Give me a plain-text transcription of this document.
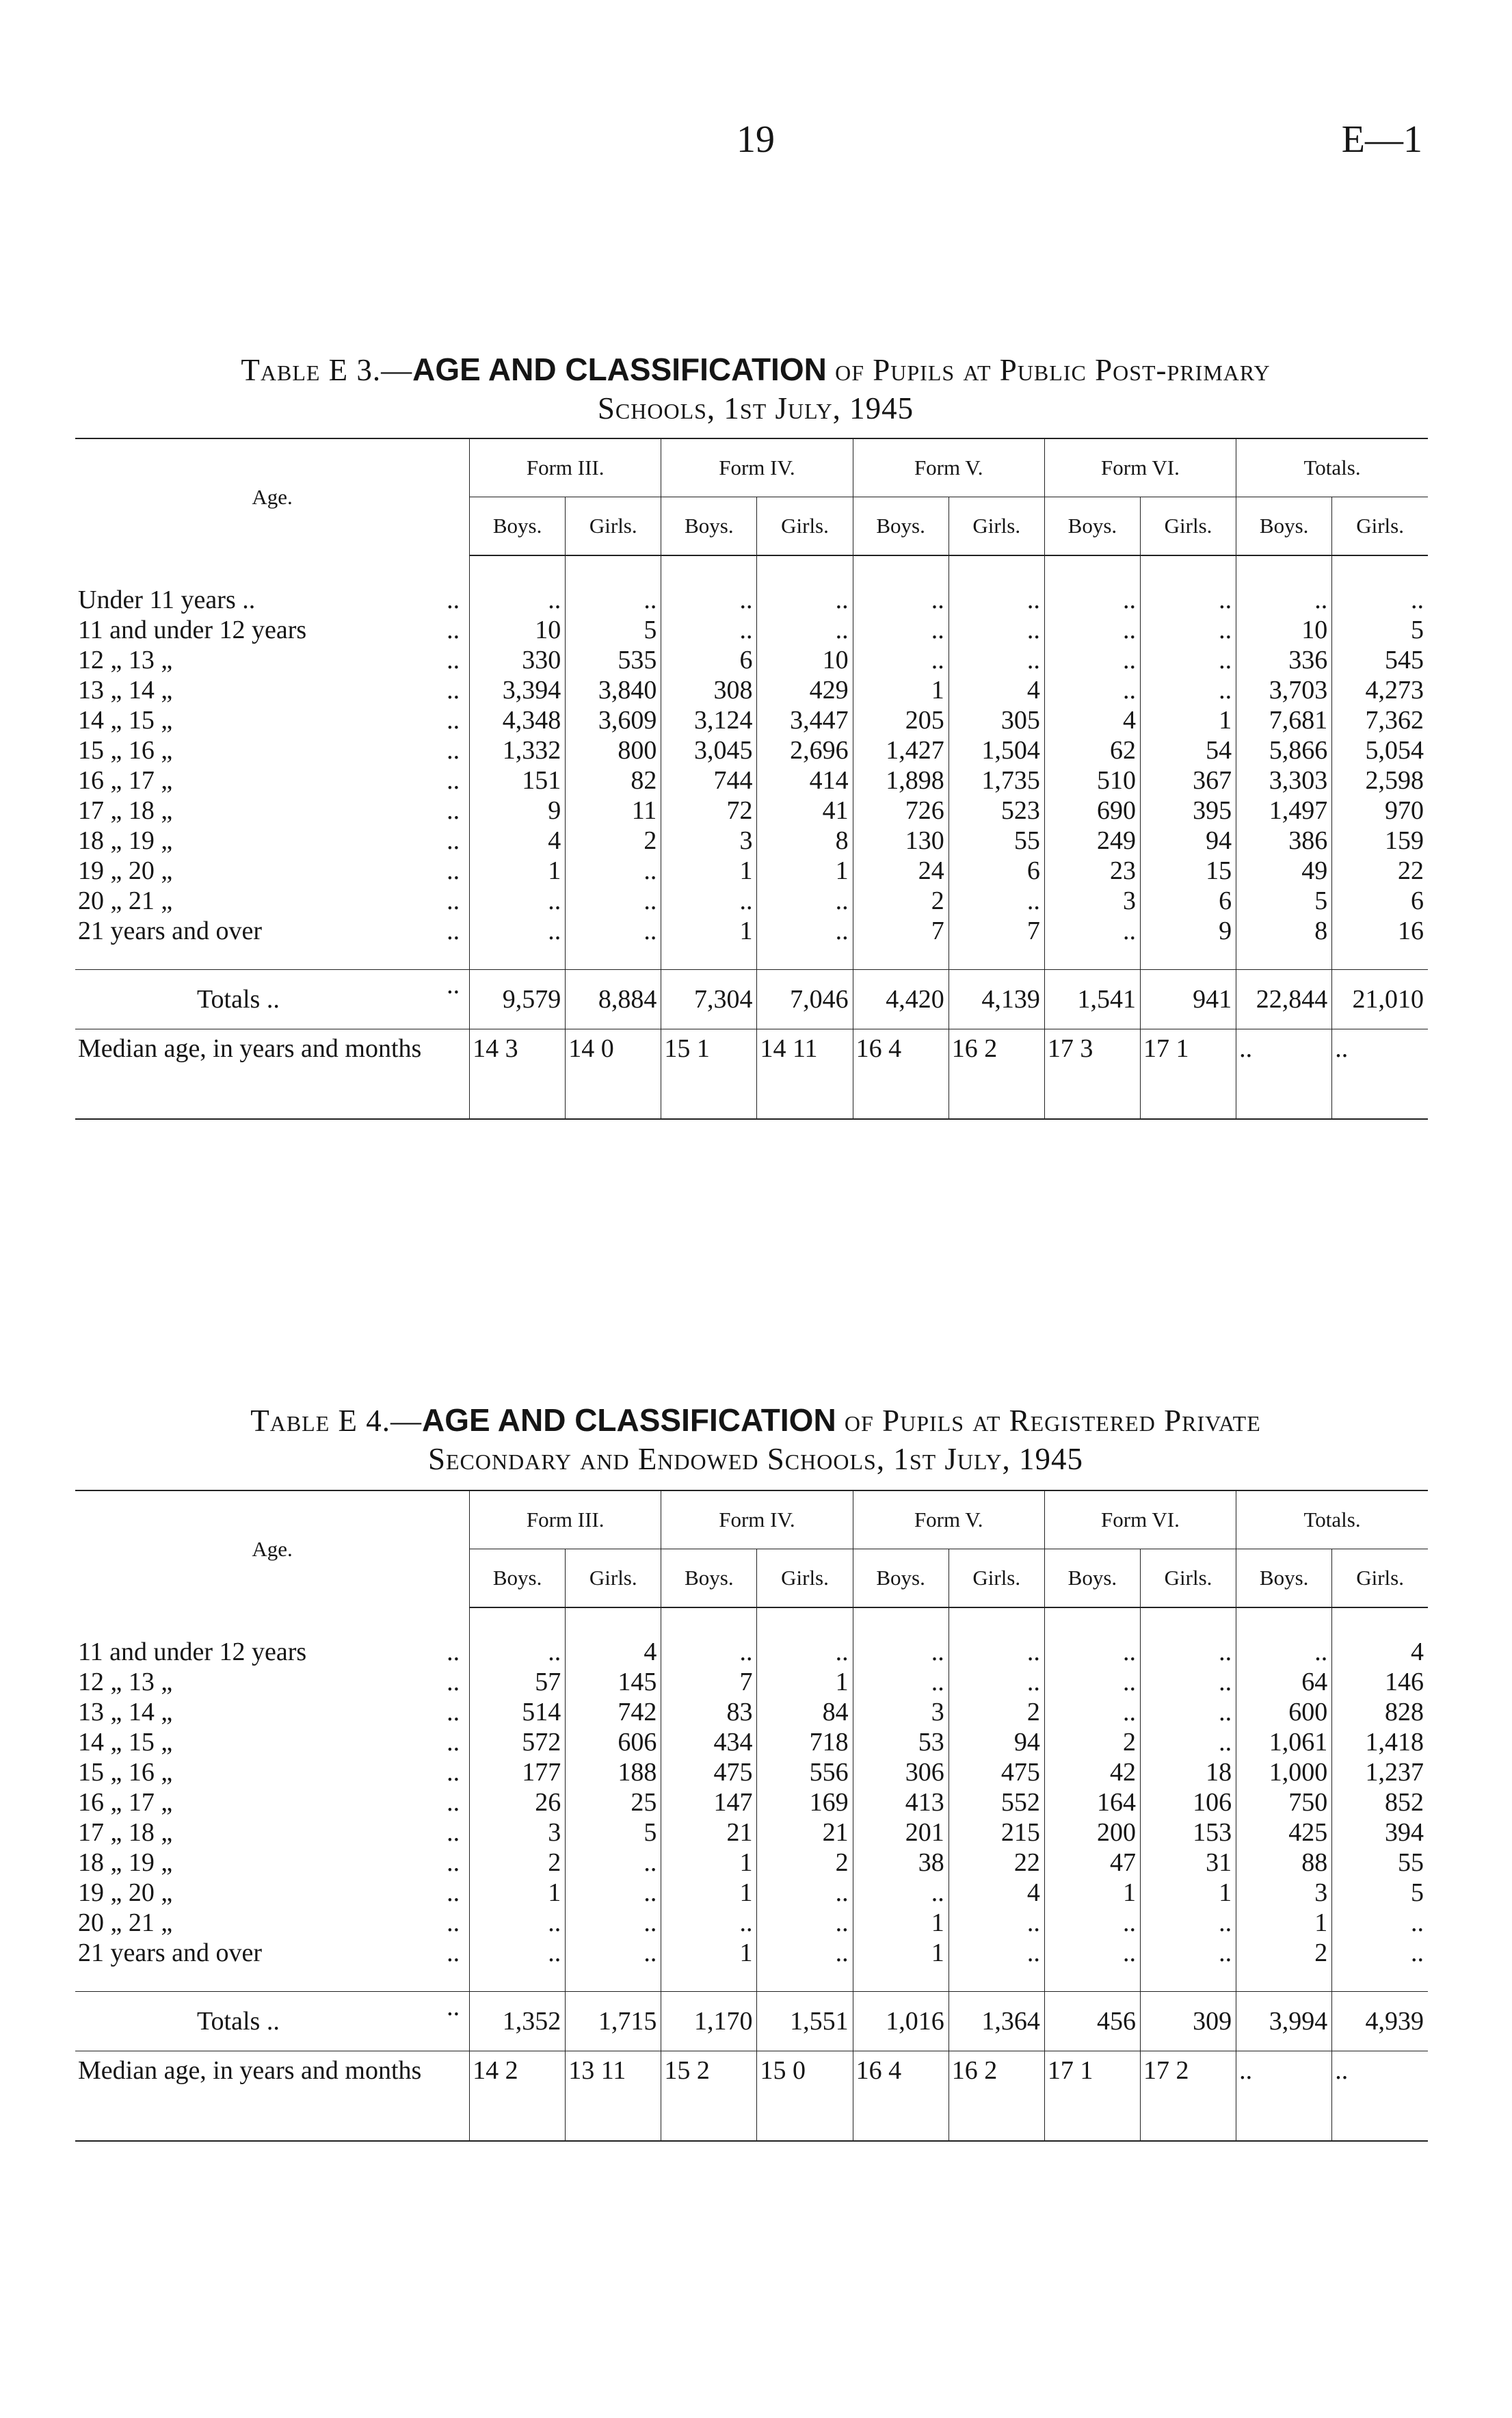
19	E—1
Table E 3.—AGE AND CLASSIFICATION of Pupils at Public Post-primary
Schools, 1st July, 1945
Age.	Form III.		Form IV.		Form V.		Form VI.		Totals.	
	Boys.	Girls.	Boys.	Girls.	Boys.	Girls.	Boys.	Girls.	Boys.	Girls.

Under 11 years .. ..	..	..	..	..	..	..	..	..	..	..
11 and under 12 years ..	10	5	..	..	..	..	..	..	10	5
12 „ 13 „ ..	330	535	6	10	..	..	..	..	336	545
13 „ 14 „ ..	3,394	3,840	308	429	1	4	..	..	3,703	4,273
14 „ 15 „ ..	4,348	3,609	3,124	3,447	205	305	4	1	7,681	7,362
15 „ 16 „ ..	1,332	800	3,045	2,696	1,427	1,504	62	54	5,866	5,054
16 „ 17 „ ..	151	82	744	414	1,898	1,735	510	367	3,303	2,598
17 „ 18 „ ..	9	11	72	41	726	523	690	395	1,497	970
18 „ 19 „ ..	4	2	3	8	130	55	249	94	386	159
19 „ 20 „ ..	1	..	1	1	24	6	23	15	49	22
20 „ 21 „ ..	..	..	..	..	2	..	3	6	5	6
21 years and over ..	..	..	1	..	7	7	..	9	8	16

Totals .. ..	9,579	8,884	7,304	7,046	4,420	4,139	1,541	941	22,844	21,010
Median age, in years and months	14 3	14 0	15 1	14 11	16 4	16 2	17 3	17 1	..	..

Table E 4.—AGE AND CLASSIFICATION of Pupils at Registered Private
Secondary and Endowed Schools, 1st July, 1945
Age.	Form III.		Form IV.		Form V.		Form VI.		Totals.	
	Boys.	Girls.	Boys.	Girls.	Boys.	Girls.	Boys.	Girls.	Boys.	Girls.

11 and under 12 years ..	..	4	..	..	..	..	..	..	..	4
12 „ 13 „ ..	57	145	7	1	..	..	..	..	64	146
13 „ 14 „ ..	514	742	83	84	3	2	..	..	600	828
14 „ 15 „ ..	572	606	434	718	53	94	2	..	1,061	1,418
15 „ 16 „ ..	177	188	475	556	306	475	42	18	1,000	1,237
16 „ 17 „ ..	26	25	147	169	413	552	164	106	750	852
17 „ 18 „ ..	3	5	21	21	201	215	200	153	425	394
18 „ 19 „ ..	2	..	1	2	38	22	47	31	88	55
19 „ 20 „ ..	1	..	1	..	..	4	1	1	3	5
20 „ 21 „ ..	..	..	..	..	1	..	..	..	1	..
21 years and over ..	..	..	1	..	1	..	..	..	2	..

Totals .. ..	1,352	1,715	1,170	1,551	1,016	1,364	456	309	3,994	4,939
Median age, in years and months	14 2	13 11	15 2	15 0	16 4	16 2	17 1	17 2	..	..
